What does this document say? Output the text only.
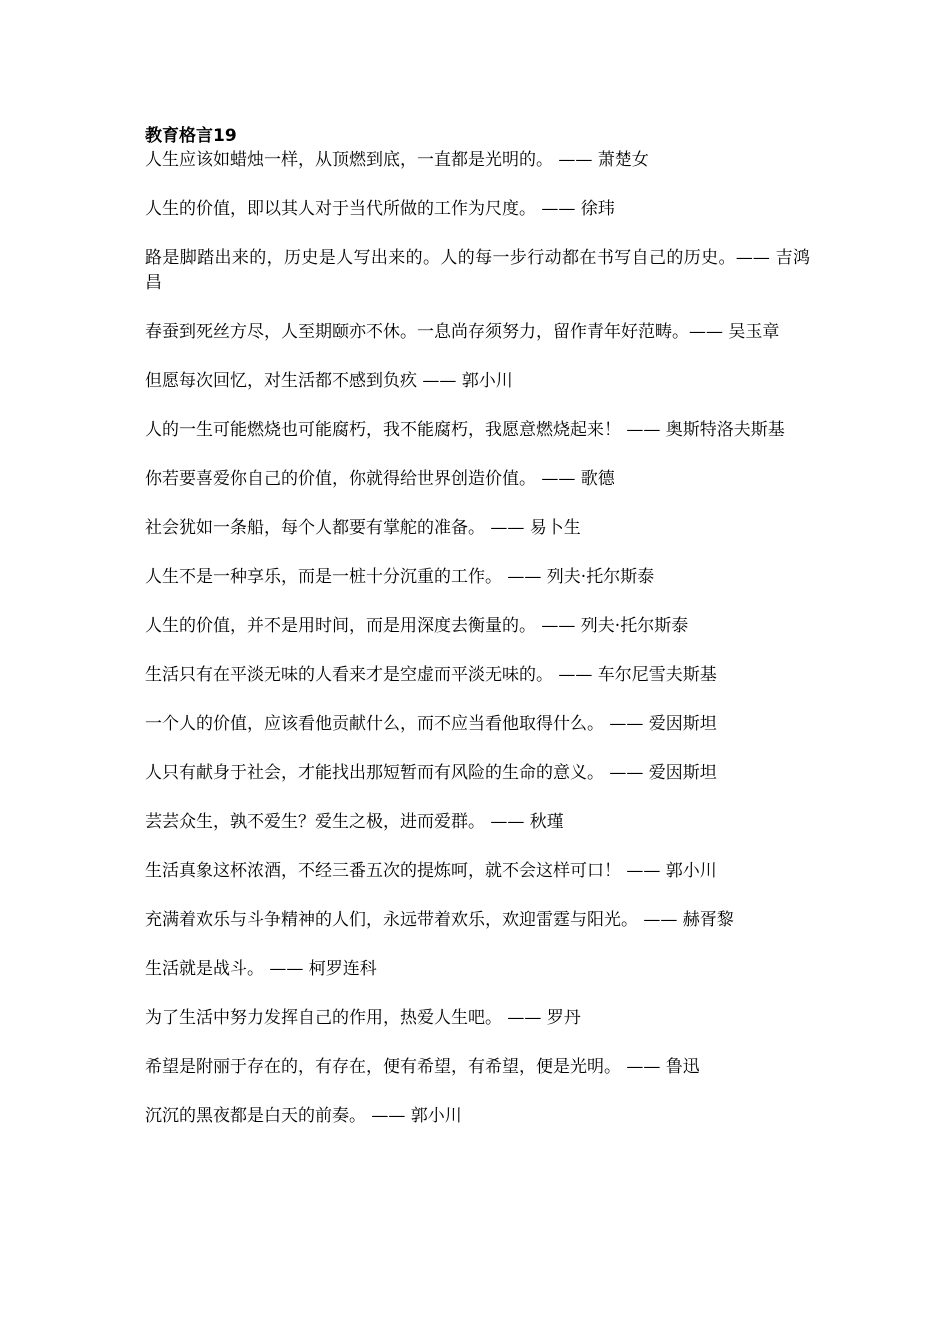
教育格言19

人生应该如蜡烛一样，从顶燃到底，一直都是光明的。 —— 萧楚女

人生的价值，即以其人对于当代所做的工作为尺度。 —— 徐玮

路是脚踏出来的，历史是人写出来的。人的每一步行动都在书写自己的历史。—— 吉鸿昌

春蚕到死丝方尽，人至期颐亦不休。一息尚存须努力，留作青年好范畴。—— 吴玉章

但愿每次回忆，对生活都不感到负疚 —— 郭小川

人的一生可能燃烧也可能腐朽，我不能腐朽，我愿意燃烧起来！ —— 奥斯特洛夫斯基

你若要喜爱你自己的价值，你就得给世界创造价值。 —— 歌德

社会犹如一条船，每个人都要有掌舵的准备。 —— 易卜生

人生不是一种享乐，而是一桩十分沉重的工作。 —— 列夫·托尔斯泰

人生的价值，并不是用时间，而是用深度去衡量的。 —— 列夫·托尔斯泰

生活只有在平淡无味的人看来才是空虚而平淡无味的。 —— 车尔尼雪夫斯基

一个人的价值，应该看他贡献什么，而不应当看他取得什么。 —— 爱因斯坦

人只有献身于社会，才能找出那短暂而有风险的生命的意义。 —— 爱因斯坦

芸芸众生，孰不爱生？爱生之极，进而爱群。 —— 秋瑾

生活真象这杯浓酒，不经三番五次的提炼呵，就不会这样可口！ —— 郭小川

充满着欢乐与斗争精神的人们，永远带着欢乐，欢迎雷霆与阳光。 —— 赫胥黎

生活就是战斗。 —— 柯罗连科

为了生活中努力发挥自己的作用，热爱人生吧。 —— 罗丹

希望是附丽于存在的，有存在，便有希望，有希望，便是光明。 —— 鲁迅

沉沉的黑夜都是白天的前奏。 —— 郭小川
